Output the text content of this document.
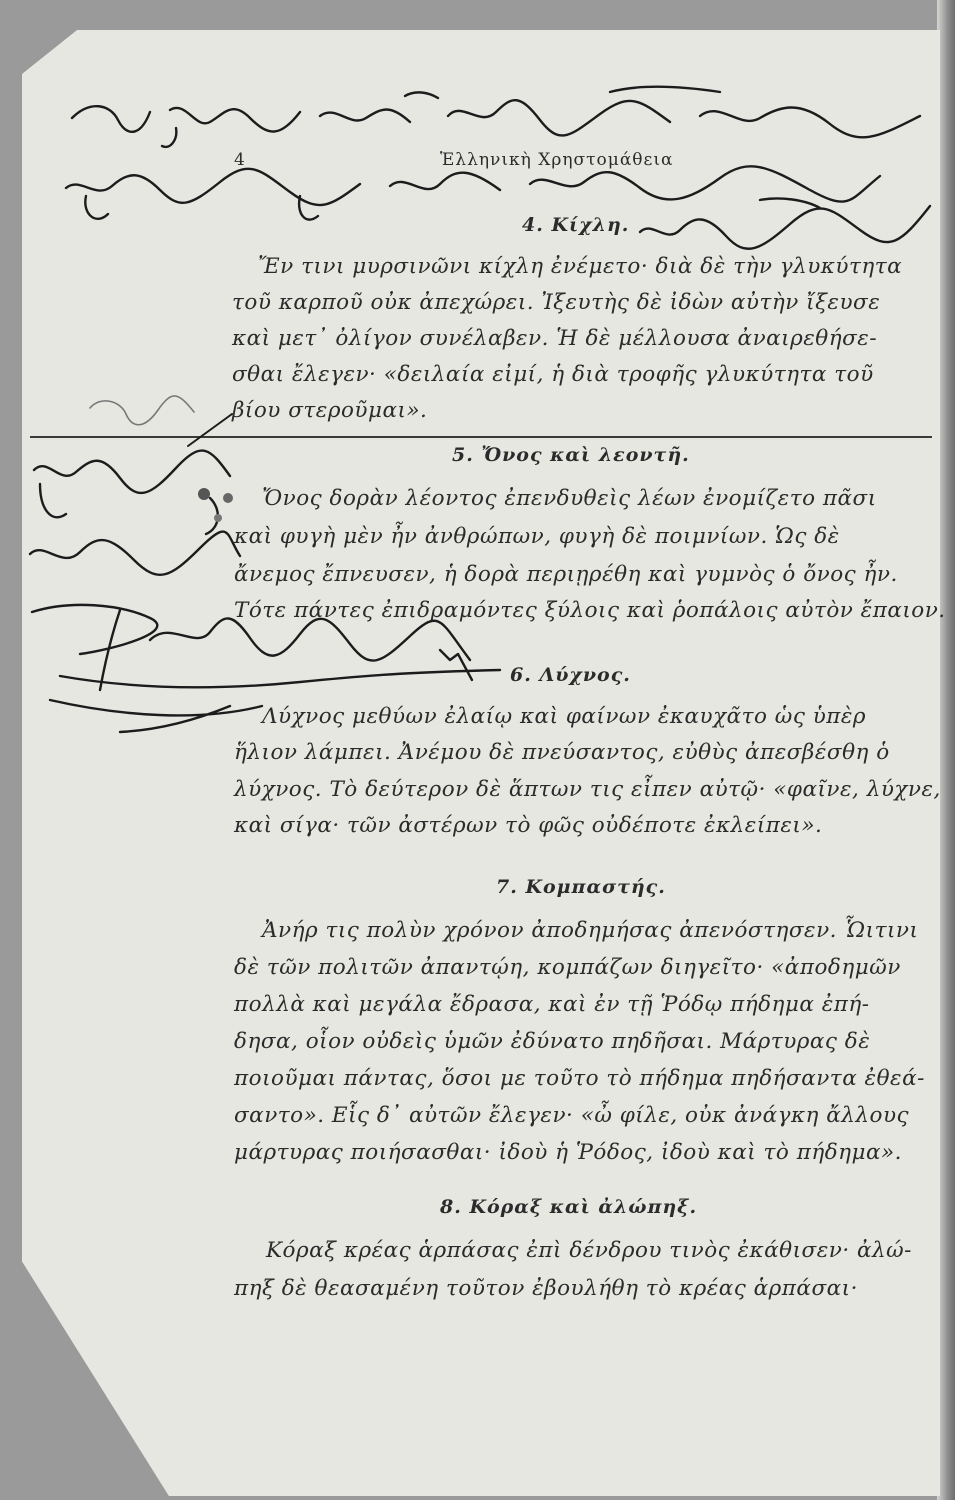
4	Ἑλληνικὴ Χρηστομάθεια
4. Κίχλη.
Ἔν τινι μυρσινῶνι κίχλη ἐνέμετο· διὰ δὲ τὴν γλυκύτητα
τοῦ καρποῦ οὐκ ἀπεχώρει. Ἰξευτὴς δὲ ἰδὼν αὐτὴν ἴξευσε
καὶ μετ᾽ ὀλίγον συνέλαβεν. Ἡ δὲ μέλλουσα ἀναιρεθήσε-
σθαι ἔλεγεν· «δειλαία εἰμί, ἡ διὰ τροφῆς γλυκύτητα τοῦ
βίου στεροῦμαι».
5. Ὄνος καὶ λεοντῆ.
Ὄνος δορὰν λέοντος ἐπενδυθεὶς λέων ἐνομίζετο πᾶσι
καὶ φυγὴ μὲν ἦν ἀνθρώπων, φυγὴ δὲ ποιμνίων. Ὡς δὲ
ἄνεμος ἔπνευσεν, ἡ δορὰ περιῃρέθη καὶ γυμνὸς ὁ ὄνος ἦν.
Τότε πάντες ἐπιδραμόντες ξύλοις καὶ ῥοπάλοις αὐτὸν ἔπαιον.
6. Λύχνος.
Λύχνος μεθύων ἐλαίῳ καὶ φαίνων ἐκαυχᾶτο ὡς ὑπὲρ
ἥλιον λάμπει. Ἀνέμου δὲ πνεύσαντος, εὐθὺς ἀπεσβέσθη ὁ
λύχνος. Τὸ δεύτερον δὲ ἅπτων τις εἶπεν αὐτῷ· «φαῖνε, λύχνε,
καὶ σίγα· τῶν ἀστέρων τὸ φῶς οὐδέποτε ἐκλείπει».
7. Κομπαστής.
Ἀνήρ τις πολὺν χρόνον ἀποδημήσας ἀπενόστησεν. Ὧιτινι
δὲ τῶν πολιτῶν ἀπαντῴη, κομπάζων διηγεῖτο· «ἀποδημῶν
πολλὰ καὶ μεγάλα ἔδρασα, καὶ ἐν τῇ Ῥόδῳ πήδημα ἐπή-
δησα, οἷον οὐδεὶς ὑμῶν ἐδύνατο πηδῆσαι. Μάρτυρας δὲ
ποιοῦμαι πάντας, ὅσοι με τοῦτο τὸ πήδημα πηδήσαντα ἐθεά-
σαντο». Εἷς δ᾽ αὐτῶν ἔλεγεν· «ὦ φίλε, οὐκ ἀνάγκη ἄλλους
μάρτυρας ποιήσασθαι· ἰδοὺ ἡ Ῥόδος, ἰδοὺ καὶ τὸ πήδημα».
8. Κόραξ καὶ ἀλώπηξ.
Κόραξ κρέας ἁρπάσας ἐπὶ δένδρου τινὸς ἐκάθισεν· ἀλώ-
πηξ δὲ θεασαμένη τοῦτον ἐβουλήθη τὸ κρέας ἁρπάσαι·
